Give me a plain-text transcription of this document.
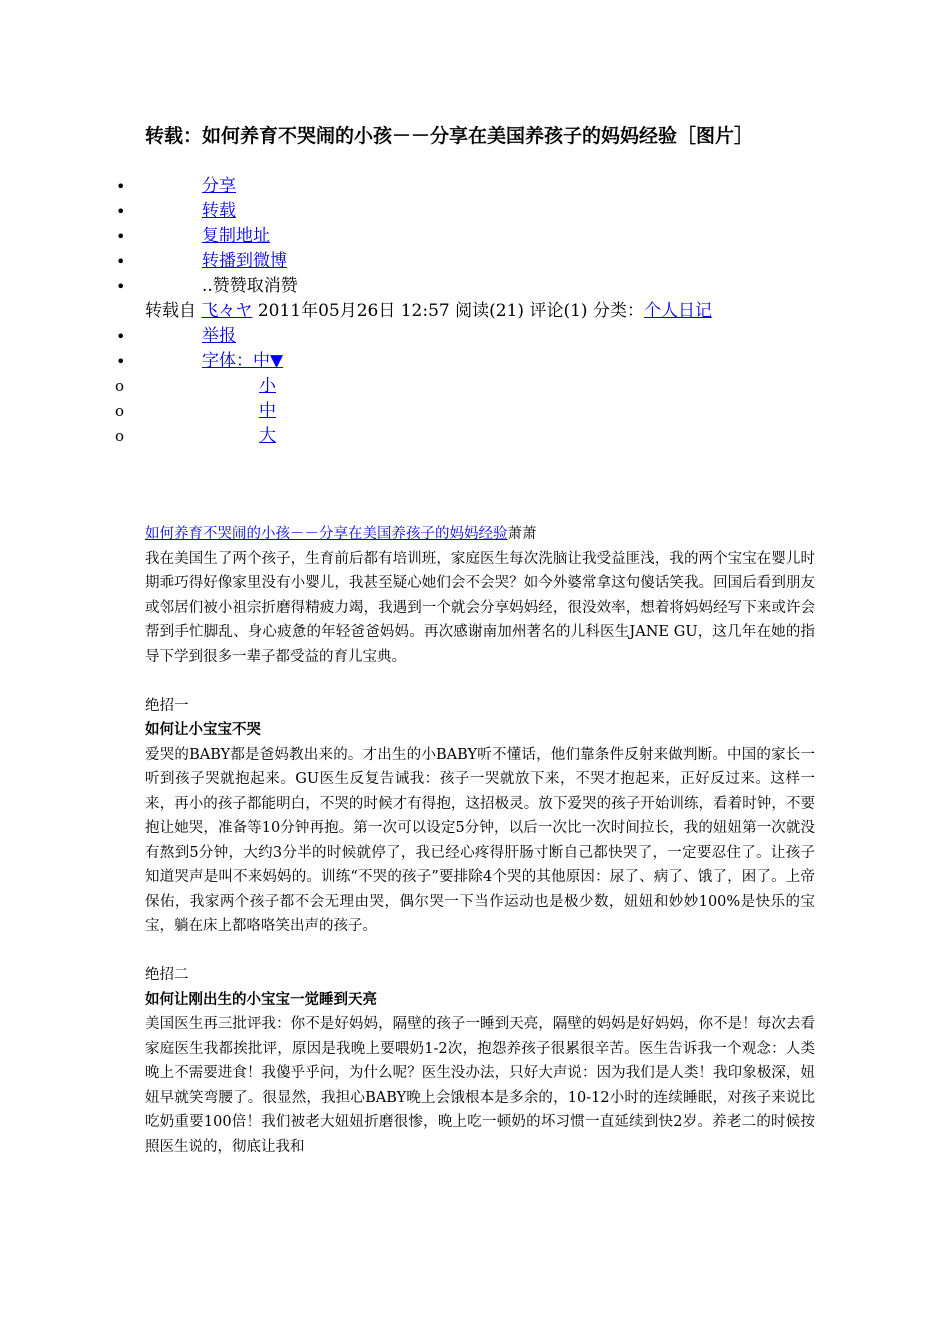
转载：如何养育不哭闹的小孩－－分享在美国养孩子的妈妈经验［图片］
•	分享
•	转载
•	复制地址
•	转播到微博
•	..赞赞取消赞
转载自 飞々ヤ 2011年05月26日 12:57 阅读(21) 评论(1) 分类：个人日记
•	举报
•	字体：中▼
o	小
o	中
o	大

如何养育不哭闹的小孩－－分享在美国养孩子的妈妈经验萧萧

我在美国生了两个孩子，生育前后都有培训班，家庭医生每次洗脑让我受益匪浅，我的两个宝宝在婴儿时期乖巧得好像家里没有小婴儿，我甚至疑心她们会不会哭？如今外婆常拿这句傻话笑我。回国后看到朋友或邻居们被小祖宗折磨得精疲力竭，我遇到一个就会分享妈妈经，很没效率，想着将妈妈经写下来或许会帮到手忙脚乱、身心疲惫的年轻爸爸妈妈。再次感谢南加州著名的儿科医生JANE GU，这几年在她的指导下学到很多一辈子都受益的育儿宝典。

绝招一

如何让小宝宝不哭

爱哭的BABY都是爸妈教出来的。才出生的小BABY听不懂话，他们靠条件反射来做判断。中国的家长一听到孩子哭就抱起来。GU医生反复告诫我：孩子一哭就放下来，不哭才抱起来，正好反过来。这样一来，再小的孩子都能明白，不哭的时候才有得抱，这招极灵。放下爱哭的孩子开始训练，看着时钟，不要抱让她哭，准备等10分钟再抱。第一次可以设定5分钟，以后一次比一次时间拉长，我的妞妞第一次就没有熬到5分钟，大约3分半的时候就停了，我已经心疼得肝肠寸断自己都快哭了，一定要忍住了。让孩子知道哭声是叫不来妈妈的。训练“不哭的孩子”要排除4个哭的其他原因：尿了、病了、饿了，困了。上帝保佑，我家两个孩子都不会无理由哭，偶尔哭一下当作运动也是极少数，妞妞和妙妙100%是快乐的宝宝，躺在床上都咯咯笑出声的孩子。

绝招二

如何让刚出生的小宝宝一觉睡到天亮

美国医生再三批评我：你不是好妈妈，隔壁的孩子一睡到天亮，隔壁的妈妈是好妈妈，你不是！每次去看家庭医生我都挨批评，原因是我晚上要喂奶1-2次，抱怨养孩子很累很辛苦。医生告诉我一个观念：人类晚上不需要进食！我傻乎乎问，为什么呢？医生没办法，只好大声说：因为我们是人类！我印象极深，妞妞早就笑弯腰了。很显然，我担心BABY晚上会饿根本是多余的，10-12小时的连续睡眠，对孩子来说比吃奶重要100倍！我们被老大妞妞折磨很惨，晚上吃一顿奶的坏习惯一直延续到快2岁。养老二的时候按照医生说的，彻底让我和
